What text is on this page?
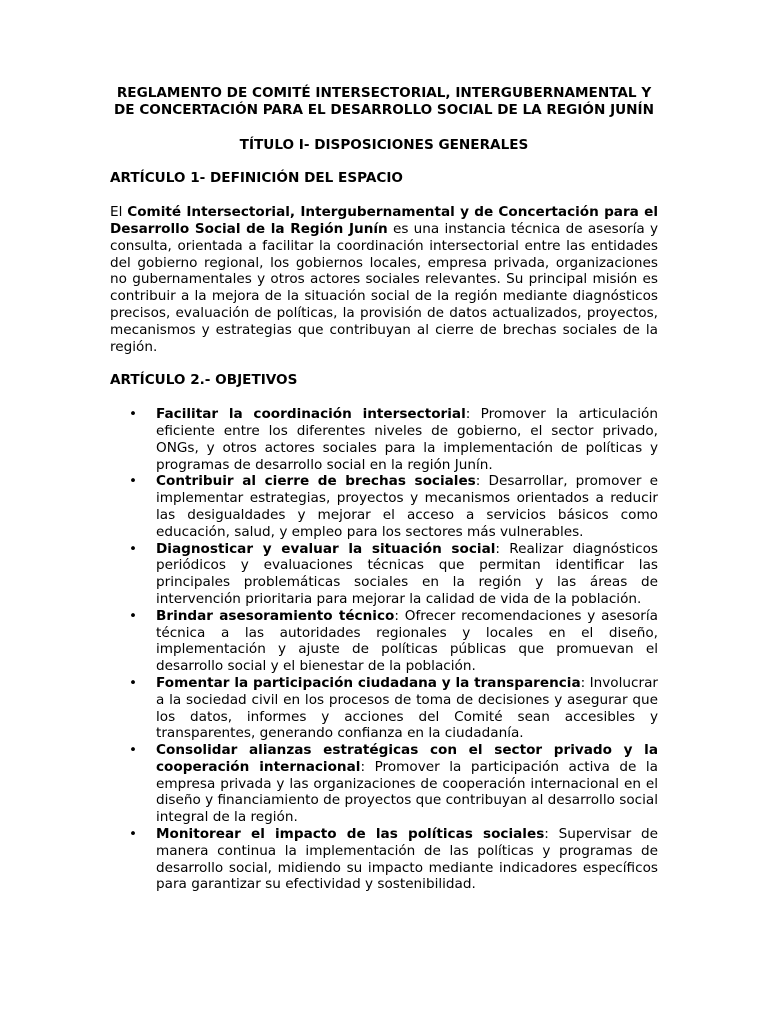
REGLAMENTO DE COMITÉ INTERSECTORIAL, INTERGUBERNAMENTAL Y DE CONCERTACIÓN PARA EL DESARROLLO SOCIAL DE LA REGIÓN JUNÍN
TÍTULO I- DISPOSICIONES GENERALES
ARTÍCULO 1- DEFINICIÓN DEL ESPACIO

El Comité Intersectorial, Intergubernamental y de Concertación para el Desarrollo Social de la Región Junín es una instancia técnica de asesoría y consulta, orientada a facilitar la coordinación intersectorial entre las entidades del gobierno regional, los gobiernos locales, empresa privada, organizaciones no gubernamentales y otros actores sociales relevantes. Su principal misión es contribuir a la mejora de la situación social de la región mediante diagnósticos precisos, evaluación de políticas, la provisión de datos actualizados, proyectos, mecanismos y estrategias que contribuyan al cierre de brechas sociales de la región.

ARTÍCULO 2.- OBJETIVOS
• Facilitar la coordinación intersectorial: Promover la articulación eficiente entre los diferentes niveles de gobierno, el sector privado, ONGs, y otros actores sociales para la implementación de políticas y programas de desarrollo social en la región Junín.
• Contribuir al cierre de brechas sociales: Desarrollar, promover e implementar estrategias, proyectos y mecanismos orientados a reducir las desigualdades y mejorar el acceso a servicios básicos como educación, salud, y empleo para los sectores más vulnerables.
• Diagnosticar y evaluar la situación social: Realizar diagnósticos periódicos y evaluaciones técnicas que permitan identificar las principales problemáticas sociales en la región y las áreas de intervención prioritaria para mejorar la calidad de vida de la población.
• Brindar asesoramiento técnico: Ofrecer recomendaciones y asesoría técnica a las autoridades regionales y locales en el diseño, implementación y ajuste de políticas públicas que promuevan el desarrollo social y el bienestar de la población.
• Fomentar la participación ciudadana y la transparencia: Involucrar a la sociedad civil en los procesos de toma de decisiones y asegurar que los datos, informes y acciones del Comité sean accesibles y transparentes, generando confianza en la ciudadanía.
• Consolidar alianzas estratégicas con el sector privado y la cooperación internacional: Promover la participación activa de la empresa privada y las organizaciones de cooperación internacional en el diseño y financiamiento de proyectos que contribuyan al desarrollo social integral de la región.
• Monitorear el impacto de las políticas sociales: Supervisar de manera continua la implementación de las políticas y programas de desarrollo social, midiendo su impacto mediante indicadores específicos para garantizar su efectividad y sostenibilidad.
